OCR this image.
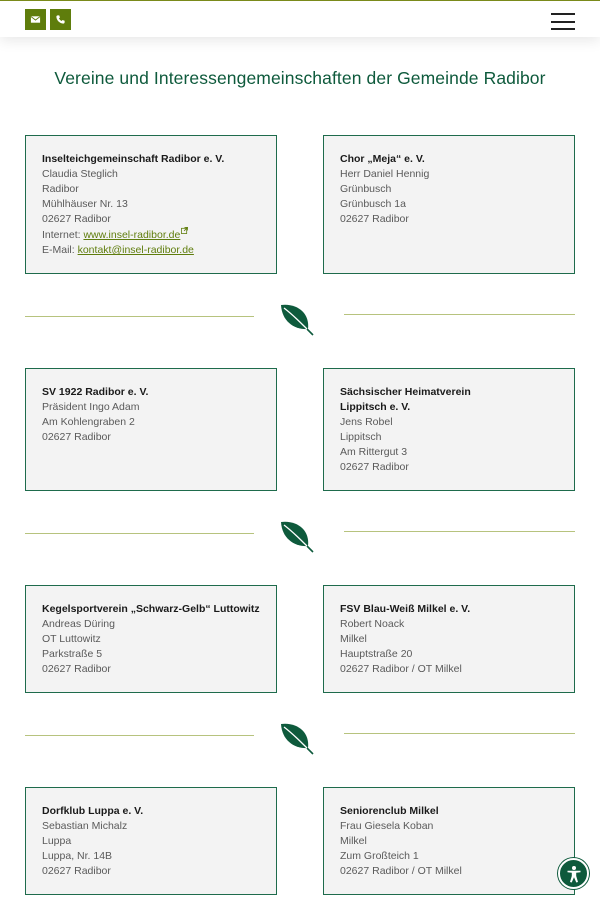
Vereine und Interessengemeinschaften der Gemeinde Radibor
Inselteichgemeinschaft Radibor e. V.
Claudia Steglich
Radibor
Mühlhäuser Nr. 13
02627 Radibor
Internet: www.insel-radibor.de
E-Mail: kontakt@insel-radibor.de
Chor „Meja“ e. V.
Herr Daniel Hennig
Grünbusch
Grünbusch 1a
02627 Radibor
SV 1922 Radibor e. V.
Präsident Ingo Adam
Am Kohlengraben 2
02627 Radibor
Sächsischer Heimatverein
Lippitsch e. V.
Jens Robel
Lippitsch
Am Rittergut 3
02627 Radibor
Kegelsportverein „Schwarz-Gelb“ Luttowitz
Andreas Düring
OT Luttowitz
Parkstraße 5
02627 Radibor
FSV Blau-Weiß Milkel e. V.
Robert Noack
Milkel
Hauptstraße 20
02627 Radibor / OT Milkel
Dorfklub Luppa e. V.
Sebastian Michalz
Luppa
Luppa, Nr. 14B
02627 Radibor
Seniorenclub Milkel
Frau Giesela Koban
Milkel
Zum Großteich 1
02627 Radibor / OT Milkel
